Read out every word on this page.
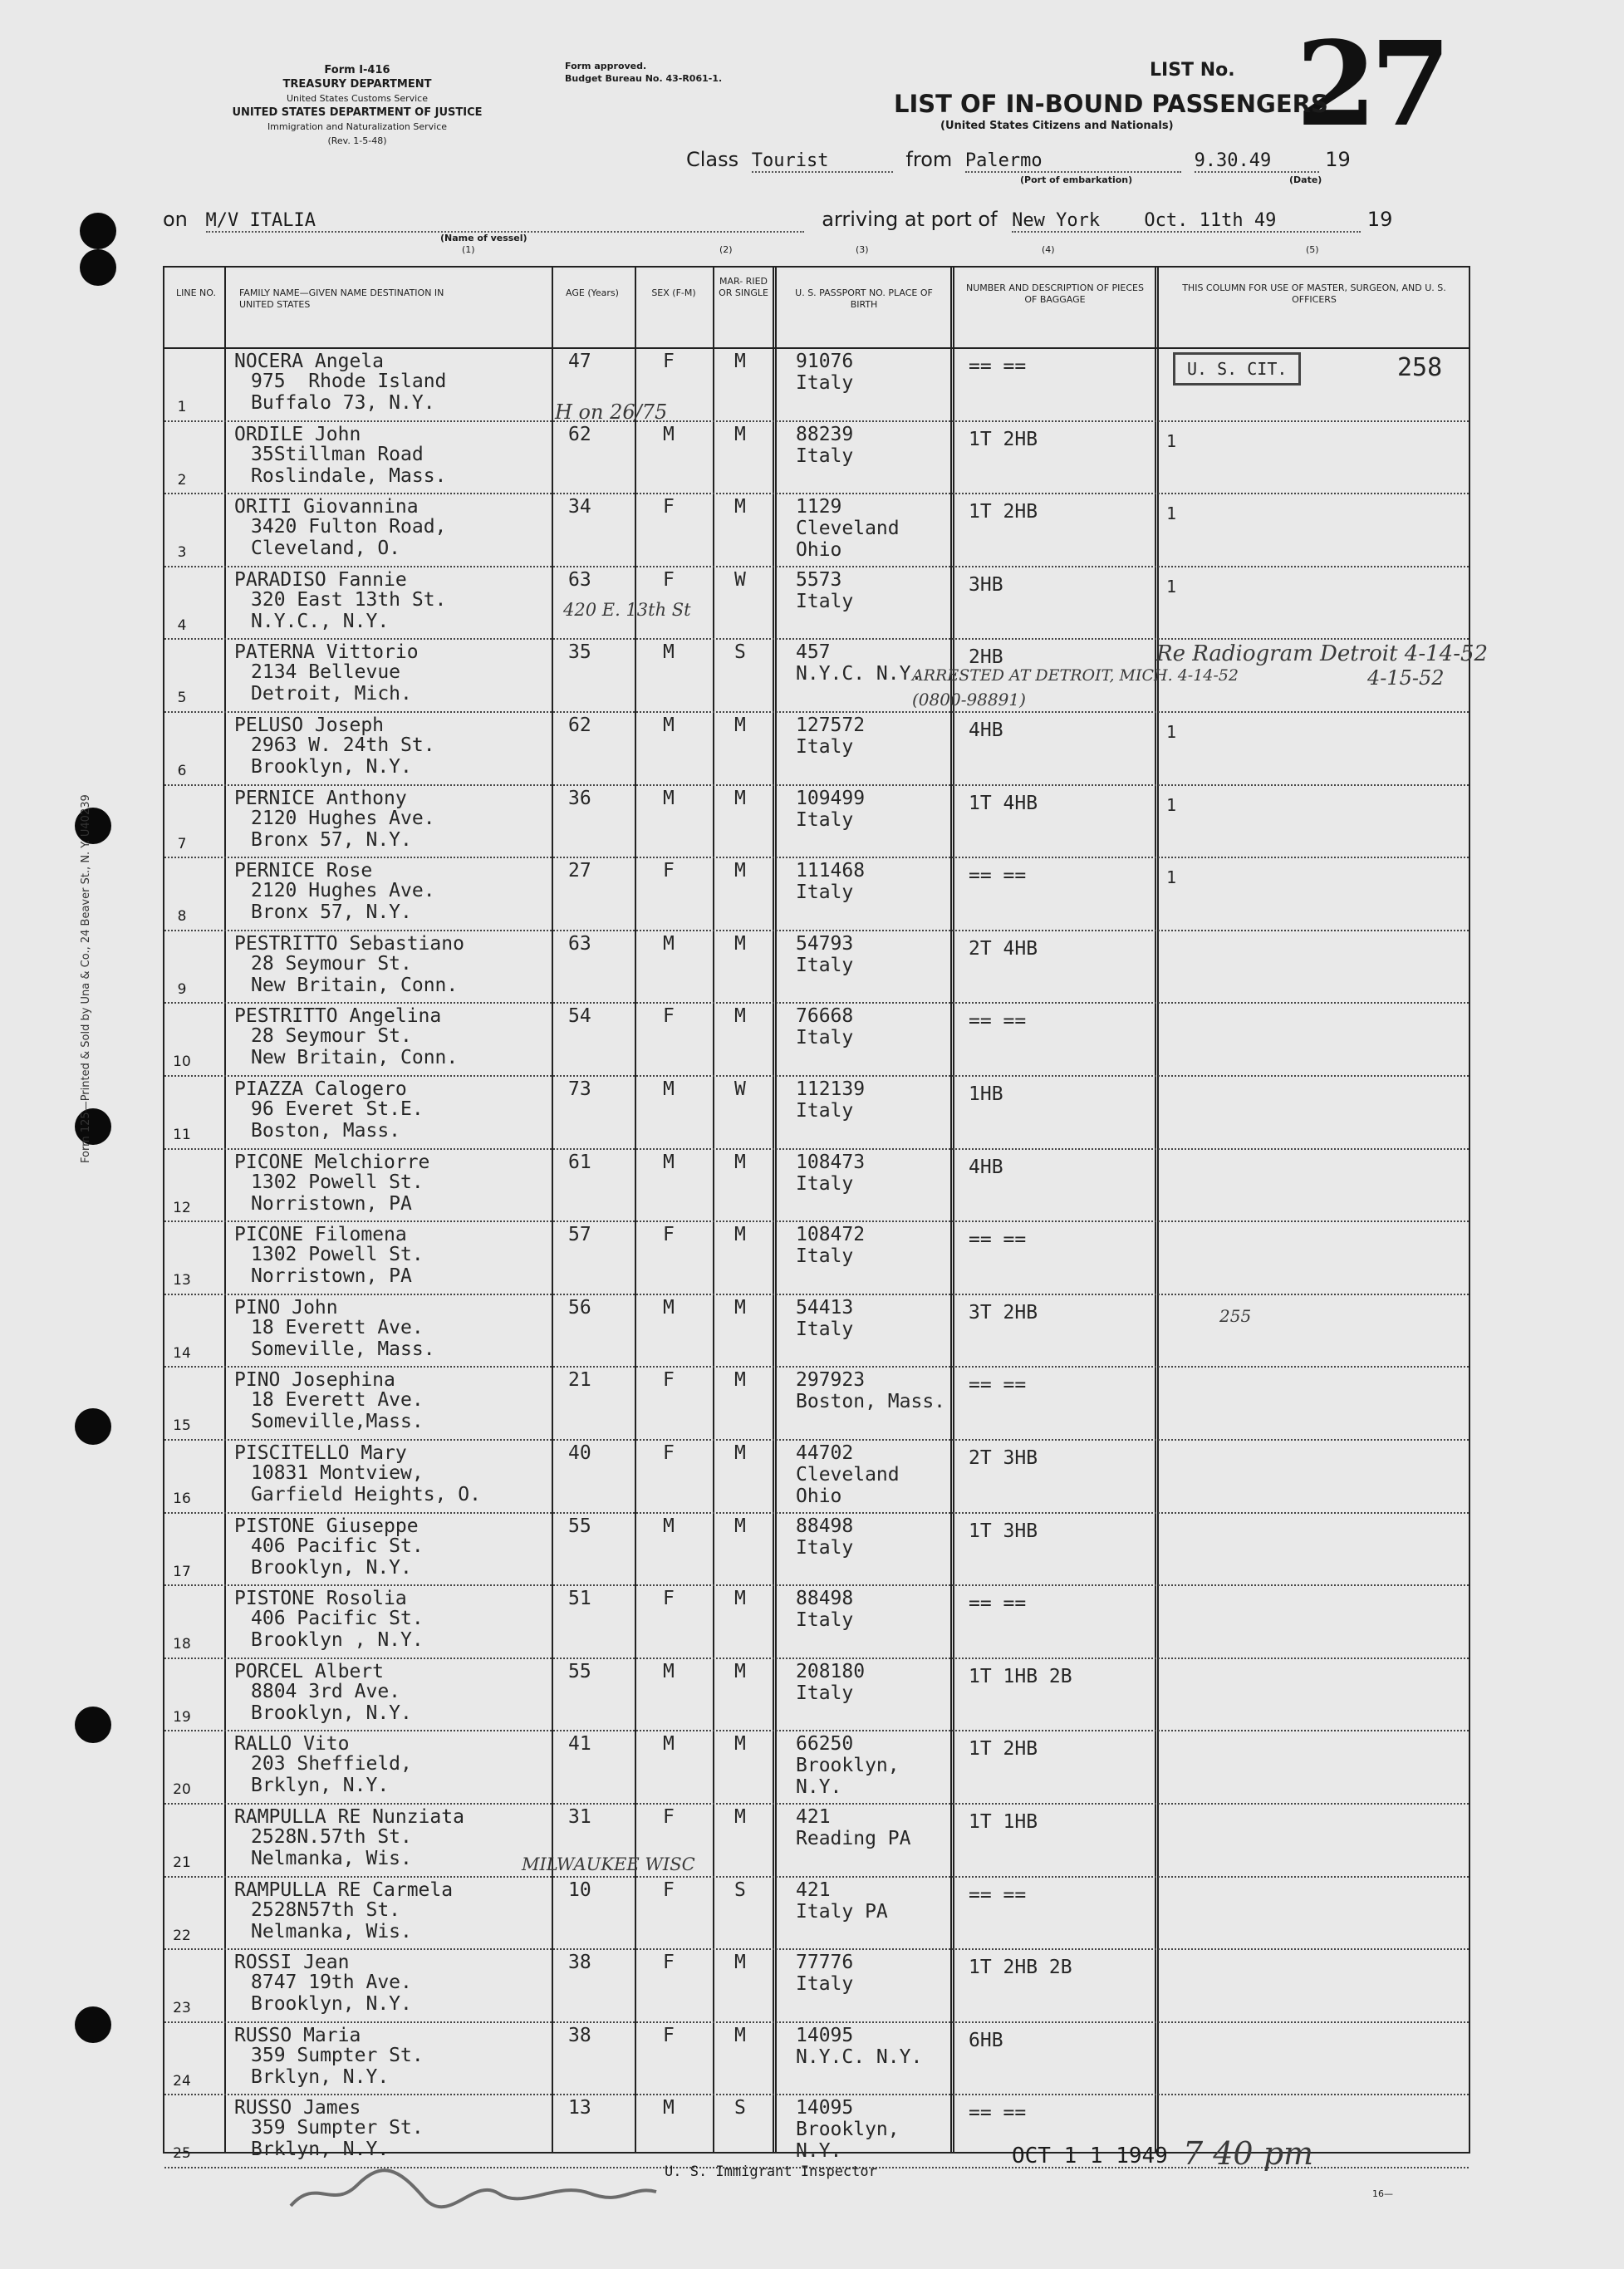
Form 125—Printed & Sold by Una & Co., 24 Beaver St., N. Y. U40239
Form I-416
TREASURY DEPARTMENT
United States Customs Service
UNITED STATES DEPARTMENT OF JUSTICE
Immigration and Naturalization Service
(Rev. 1-5-48)
Form approved.
Budget Bureau No. 43-R061-1.	LIST No. 27
LIST OF IN-BOUND PASSENGERS
(United States Citizens and Nationals)
Class Tourist	from Palermo	9.30.49	19
(Port of embarkation)	(Date)
on M/V ITALIA	arriving at port of New York Oct. 11th 49	19
(Name of vessel)
(1)	(2)	(3)	(4)	(5)
LINE NO.	FAMILY NAME—GIVEN NAME DESTINATION IN UNITED STATES
AGE (Years)	SEX (F-M)
MAR- RIED OR SINGLE	U. S. PASSPORT NO. PLACE OF BIRTH
NUMBER AND DESCRIPTION OF PIECES OF BAGGAGE
THIS COLUMN FOR USE OF MASTER, SURGEON, AND U. S. OFFICERS
1
NOCERA Angela
975  Rhode Island
Buffalo 73, N.Y.
47	F	M	91076
Italy
== ==	U. S. CIT.	258
2
ORDILE John
35Stillman Road
Roslindale, Mass.
62	M	M	88239
Italy
1T 2HB	1
3
ORITI Giovannina
3420 Fulton Road,
Cleveland, O.
34	F	M	1129
Cleveland Ohio
1T 2HB	1
4
PARADISO Fannie
320 East 13th St.
N.Y.C., N.Y.
63	F	W	5573
Italy
3HB	1
5
PATERNA Vittorio
2134 Bellevue
Detroit, Mich.
35	M	S	457
N.Y.C. N.Y.
2HB
6
PELUSO Joseph
2963 W. 24th St.
Brooklyn, N.Y.
62	M	M	127572
Italy
4HB	1
7
PERNICE Anthony
2120 Hughes Ave.
Bronx 57, N.Y.
36	M	M	109499
Italy
1T 4HB	1
8
PERNICE Rose
2120 Hughes Ave.
Bronx 57, N.Y.
27	F	M	111468
Italy
== ==	1
9
PESTRITTO Sebastiano
28 Seymour St.
New Britain, Conn.
63	M	M	54793
Italy
2T 4HB
10
PESTRITTO Angelina
28 Seymour St.
New Britain, Conn.
54	F	M	76668
Italy
== ==
11
PIAZZA Calogero
96 Everet St.E.
Boston, Mass.
73	M	W	112139
Italy
1HB
12
PICONE Melchiorre
1302 Powell St.
Norristown, PA
61	M	M	108473
Italy
4HB
13
PICONE Filomena
1302 Powell St.
Norristown, PA
57	F	M	108472
Italy
== ==
14
PINO John
18 Everett Ave.
Someville, Mass.
56	M	M	54413
Italy
3T 2HB
15
PINO Josephina
18 Everett Ave.
Someville,Mass.
21	F	M	297923
Boston, Mass.
== ==
16
PISCITELLO Mary
10831 Montview,
Garfield Heights, O.
40	F	M	44702
Cleveland Ohio
2T 3HB
17
PISTONE Giuseppe
406 Pacific St.
Brooklyn, N.Y.
55	M	M	88498
Italy
1T 3HB
18
PISTONE Rosolia
406 Pacific St.
Brooklyn , N.Y.
51	F	M	88498
Italy
== ==
19
PORCEL Albert
8804 3rd Ave.
Brooklyn, N.Y.
55	M	M	208180
Italy
1T 1HB 2B
20
RALLO Vito
203 Sheffield,
Brklyn, N.Y.
41	M	M	66250
Brooklyn, N.Y.
1T 2HB
21
RAMPULLA RE Nunziata
2528N.57th St.
Nelmanka, Wis.
31	F	M	421
Reading PA
1T 1HB
22
RAMPULLA RE Carmela
2528N57th St.
Nelmanka, Wis.
10	F	S	421
Italy PA
== ==
23
ROSSI Jean
8747 19th Ave.
Brooklyn, N.Y.
38	F	M	77776
Italy
1T 2HB 2B
24
RUSSO Maria
359 Sumpter St.
Brklyn, N.Y.
38	F	M	14095
N.Y.C. N.Y.
6HB
25
RUSSO James
359 Sumpter St.
Brklyn, N.Y.
13	M	S	14095
Brooklyn, N.Y.
== ==
Re Radiogram Detroit 4-14-52
4-15-52
ARRESTED AT DETROIT, MICH. 4-14-52
(0800-98891)
MILWAUKEE WISC
420 E. 13th St
H on 26/75
255
U. S. Immigrant Inspector
OCT 1 1 1949 7 40 pm
16—
